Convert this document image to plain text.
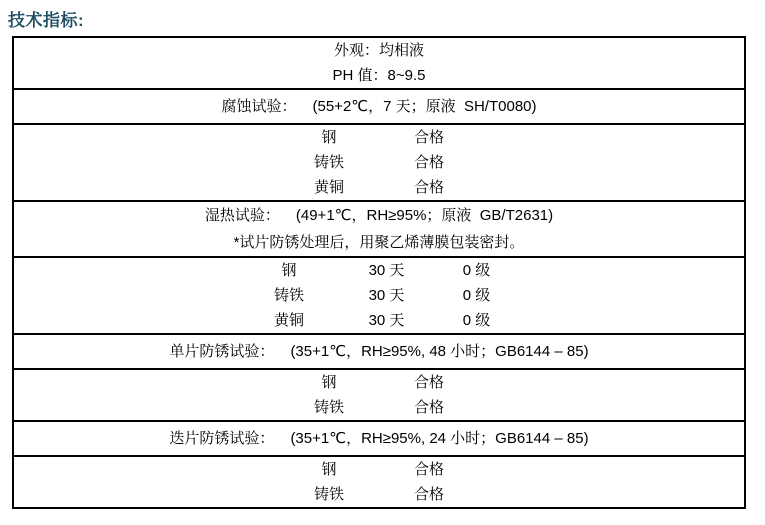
技术指标:
外观：均相液
PH 值：8~9.5
腐蚀试验： (55+2℃，7 天；原液  SH/T0080)
钢	合格
铸铁	合格
黄铜	合格
湿热试验： (49+1℃，RH≥95%；原液  GB/T2631)
*试片防锈处理后，用聚乙烯薄膜包装密封。
钢	30 天	0 级
铸铁	30 天	0 级
黄铜	30 天	0 级
单片防锈试验： (35+1℃，RH≥95%, 48 小时；GB6144 – 85)
钢	合格
铸铁	合格
迭片防锈试验： (35+1℃，RH≥95%, 24 小时；GB6144 – 85)
钢	合格
铸铁	合格
